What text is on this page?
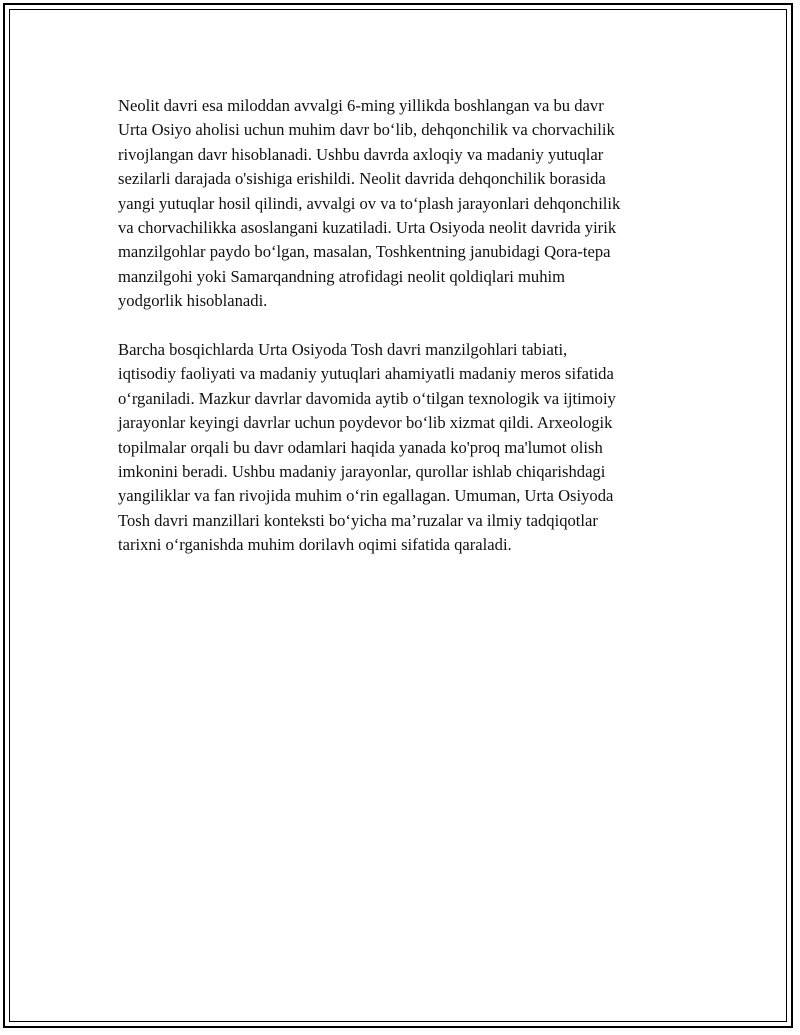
Neolit davri esa miloddan avvalgi 6-ming yillikda boshlangan va bu davr
Urta Osiyo aholisi uchun muhim davr bo‘lib, dehqonchilik va chorvachilik
rivojlangan davr hisoblanadi. Ushbu davrda axloqiy va madaniy yutuqlar
sezilarli darajada o'sishiga erishildi. Neolit davrida dehqonchilik borasida
yangi yutuqlar hosil qilindi, avvalgi ov va to‘plash jarayonlari dehqonchilik
va chorvachilikka asoslangani kuzatiladi. Urta Osiyoda neolit davrida yirik
manzilgohlar paydo bo‘lgan, masalan, Toshkentning janubidagi Qora-tepa
manzilgohi yoki Samarqandning atrofidagi neolit qoldiqlari muhim
yodgorlik hisoblanadi.

Barcha bosqichlarda Urta Osiyoda Tosh davri manzilgohlari tabiati,
iqtisodiy faoliyati va madaniy yutuqlari ahamiyatli madaniy meros sifatida
o‘rganiladi. Mazkur davrlar davomida aytib o‘tilgan texnologik va ijtimoiy
jarayonlar keyingi davrlar uchun poydevor bo‘lib xizmat qildi. Arxeologik
topilmalar orqali bu davr odamlari haqida yanada ko'proq ma'lumot olish
imkonini beradi. Ushbu madaniy jarayonlar, qurollar ishlab chiqarishdagi
yangiliklar va fan rivojida muhim o‘rin egallagan. Umuman, Urta Osiyoda
Tosh davri manzillari konteksti bo‘yicha ma’ruzalar va ilmiy tadqiqotlar
tarixni o‘rganishda muhim dorilavh oqimi sifatida qaraladi.
